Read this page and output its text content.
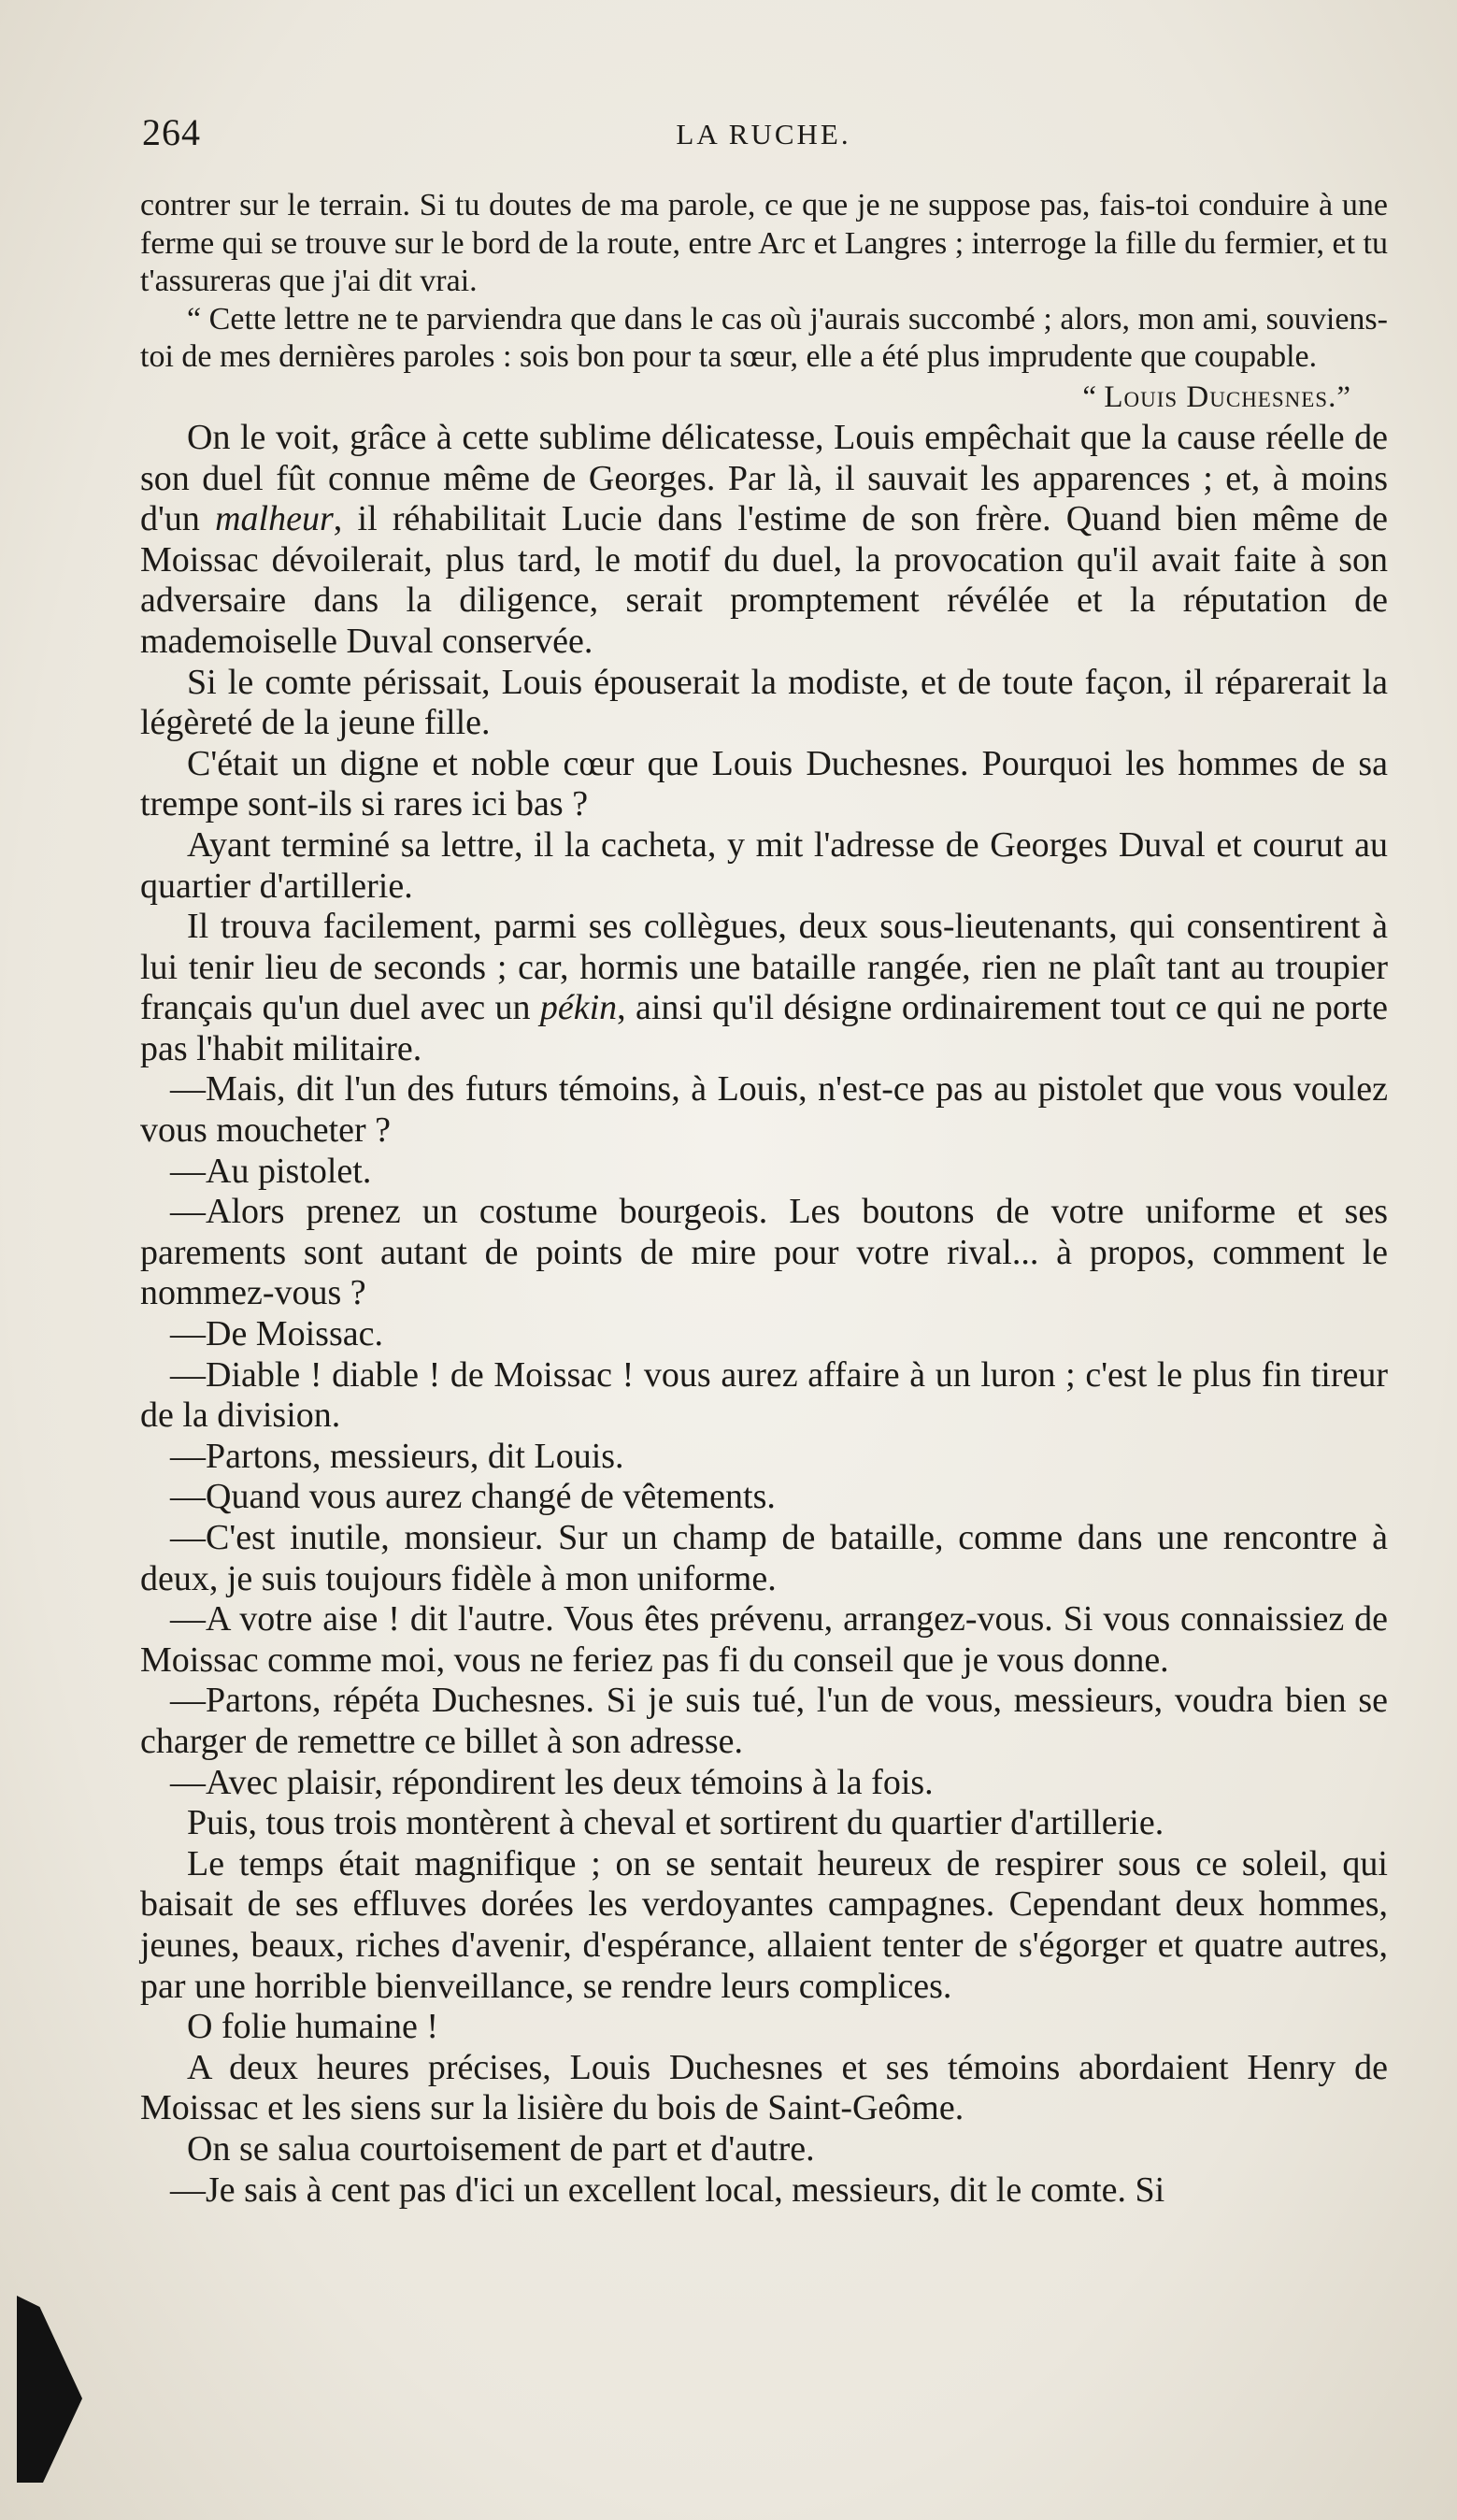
264	LA RUCHE.

contrer sur le terrain. Si tu doutes de ma parole, ce que je ne suppose pas, fais-toi conduire à une ferme qui se trouve sur le bord de la route, entre Arc et Langres ; interroge la fille du fermier, et tu t'assureras que j'ai dit vrai.

“ Cette lettre ne te parviendra que dans le cas où j'aurais succombé ; alors, mon ami, souviens-toi de mes dernières paroles : sois bon pour ta sœur, elle a été plus imprudente que coupable.

“ Louis Duchesnes.”

On le voit, grâce à cette sublime délicatesse, Louis empêchait que la cause réelle de son duel fût connue même de Georges. Par là, il sauvait les apparences ; et, à moins d'un malheur, il réhabilitait Lucie dans l'estime de son frère. Quand bien même de Moissac dévoilerait, plus tard, le motif du duel, la provocation qu'il avait faite à son adversaire dans la diligence, serait promptement révélée et la réputation de mademoiselle Duval conservée.

Si le comte périssait, Louis épouserait la modiste, et de toute façon, il réparerait la légèreté de la jeune fille.

C'était un digne et noble cœur que Louis Duchesnes. Pourquoi les hommes de sa trempe sont-ils si rares ici bas ?

Ayant terminé sa lettre, il la cacheta, y mit l'adresse de Georges Duval et courut au quartier d'artillerie.

Il trouva facilement, parmi ses collègues, deux sous-lieutenants, qui consentirent à lui tenir lieu de seconds ; car, hormis une bataille rangée, rien ne plaît tant au troupier français qu'un duel avec un pékin, ainsi qu'il désigne ordinairement tout ce qui ne porte pas l'habit militaire.

—Mais, dit l'un des futurs témoins, à Louis, n'est-ce pas au pistolet que vous voulez vous moucheter ?

—Au pistolet.

—Alors prenez un costume bourgeois. Les boutons de votre uniforme et ses parements sont autant de points de mire pour votre rival... à propos, comment le nommez-vous ?

—De Moissac.

—Diable ! diable ! de Moissac ! vous aurez affaire à un luron ; c'est le plus fin tireur de la division.

—Partons, messieurs, dit Louis.

—Quand vous aurez changé de vêtements.

—C'est inutile, monsieur. Sur un champ de bataille, comme dans une rencontre à deux, je suis toujours fidèle à mon uniforme.

—A votre aise ! dit l'autre. Vous êtes prévenu, arrangez-vous. Si vous connaissiez de Moissac comme moi, vous ne feriez pas fi du conseil que je vous donne.

—Partons, répéta Duchesnes. Si je suis tué, l'un de vous, messieurs, voudra bien se charger de remettre ce billet à son adresse.

—Avec plaisir, répondirent les deux témoins à la fois.

Puis, tous trois montèrent à cheval et sortirent du quartier d'artillerie.

Le temps était magnifique ; on se sentait heureux de respirer sous ce soleil, qui baisait de ses effluves dorées les verdoyantes campagnes. Cependant deux hommes, jeunes, beaux, riches d'avenir, d'espérance, allaient tenter de s'égorger et quatre autres, par une horrible bienveillance, se rendre leurs complices.

O folie humaine !

A deux heures précises, Louis Duchesnes et ses témoins abordaient Henry de Moissac et les siens sur la lisière du bois de Saint-Geôme.

On se salua courtoisement de part et d'autre.

—Je sais à cent pas d'ici un excellent local, messieurs, dit le comte. Si
